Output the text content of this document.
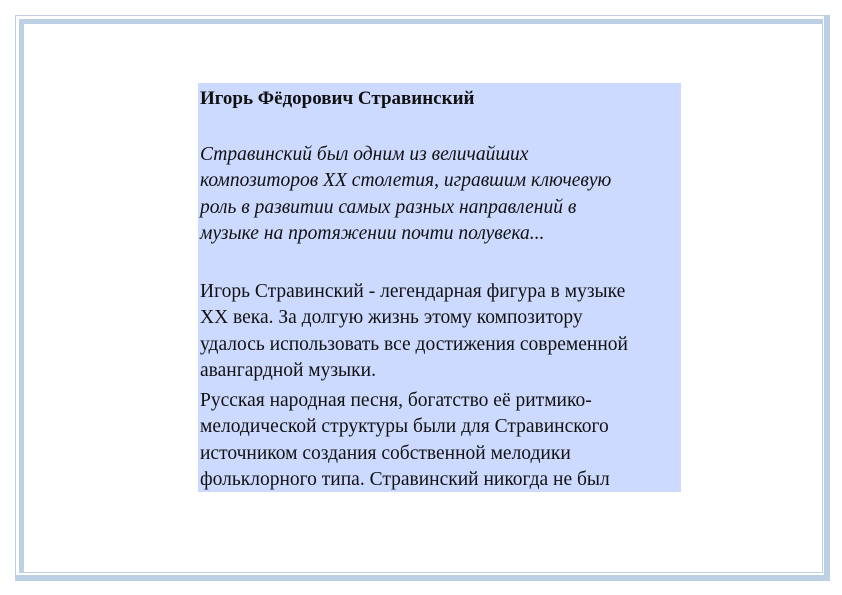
Игорь Фёдорович Стравинский

Стравинский был одним из величайших
композиторов XX столетия, игравшим ключевую
роль в развитии самых разных направлений в
музыке на протяжении почти полувека...

Игорь Стравинский - легендарная фигура в музыке
XX века. За долгую жизнь этому композитору
удалось использовать все достижения современной
авангардной музыки.

Русская народная песня, богатство её ритмико-
мелодической структуры были для Стравинского
источником создания собственной мелодики
фольклорного типа. Стравинский никогда не был
